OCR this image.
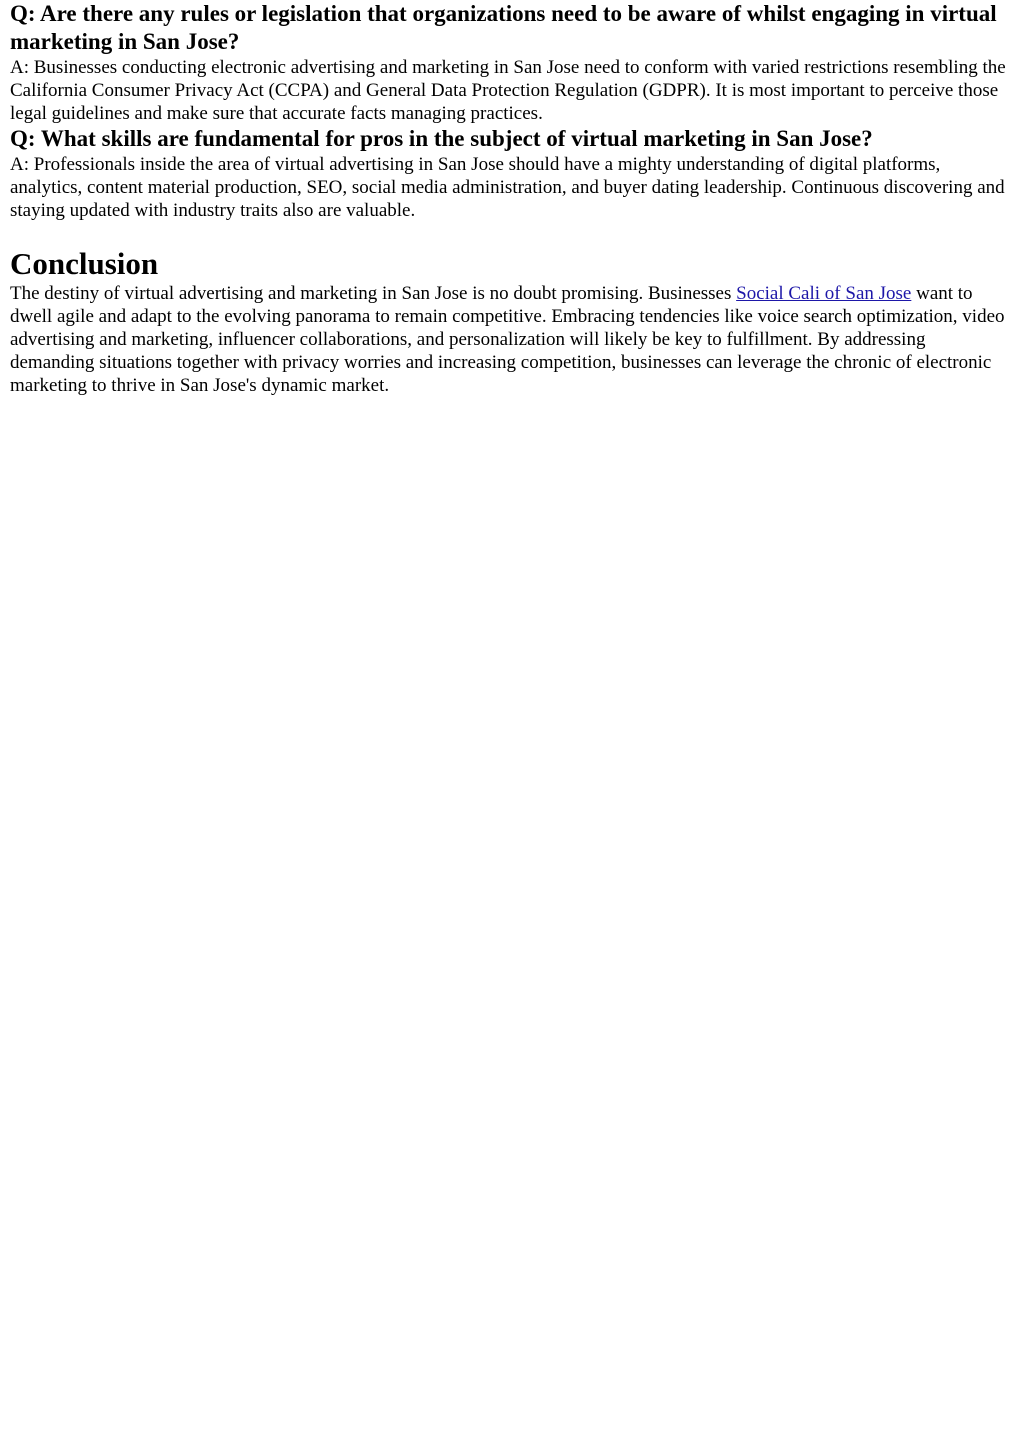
Q: Are there any rules or legislation that organizations need to be aware of whilst engaging in virtual marketing in San Jose?

A: Businesses conducting electronic advertising and marketing in San Jose need to conform with varied restrictions resembling the California Consumer Privacy Act (CCPA) and General Data Protection Regulation (GDPR). It is most important to perceive those legal guidelines and make sure that accurate facts managing practices.

Q: What skills are fundamental for pros in the subject of virtual marketing in San Jose?

A: Professionals inside the area of virtual advertising in San Jose should have a mighty understanding of digital platforms, analytics, content material production, SEO, social media administration, and buyer dating leadership. Continuous discovering and staying updated with industry traits also are valuable.

Conclusion

The destiny of virtual advertising and marketing in San Jose is no doubt promising. Businesses Social Cali of San Jose want to dwell agile and adapt to the evolving panorama to remain competitive. Embracing tendencies like voice search optimization, video advertising and marketing, influencer collaborations, and personalization will likely be key to fulfillment. By addressing demanding situations together with privacy worries and increasing competition, businesses can leverage the chronic of electronic marketing to thrive in San Jose's dynamic market.
